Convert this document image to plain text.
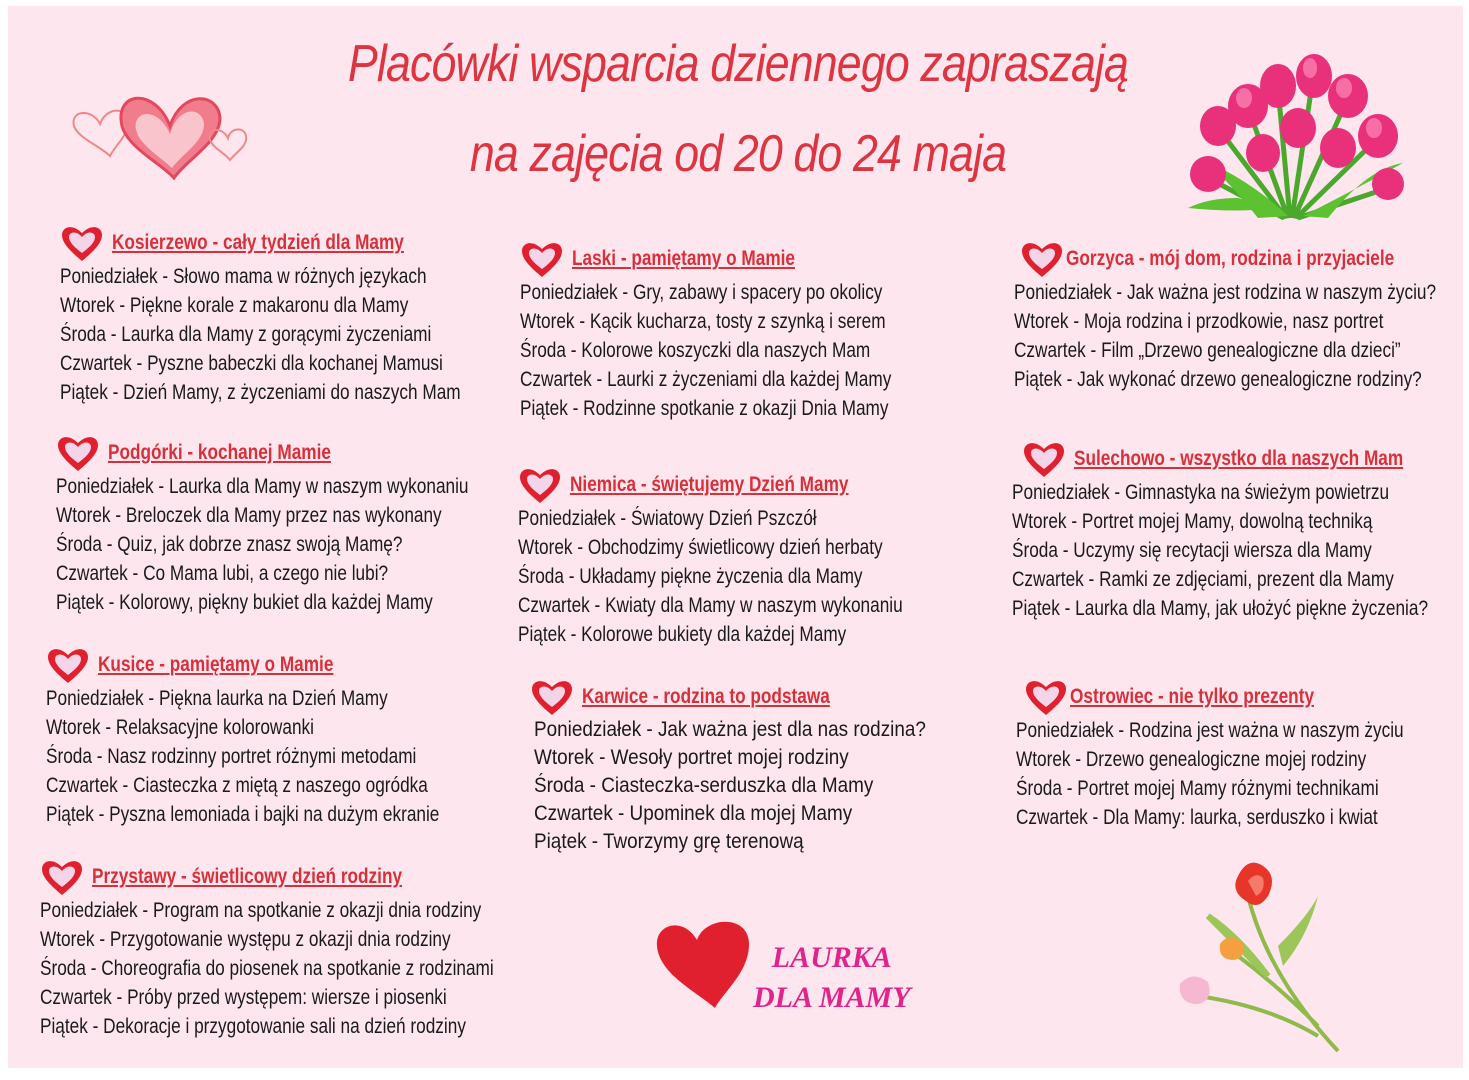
Placówki wsparcia dziennego zapraszają
na zajęcia od 20 do 24 maja
Kosierzewo - cały tydzień dla Mamy
Poniedziałek - Słowo mama w różnych językach
Wtorek - Piękne korale z makaronu dla Mamy
Środa - Laurka dla Mamy z gorącymi życzeniami
Czwartek - Pyszne babeczki dla kochanej Mamusi
Piątek - Dzień Mamy, z życzeniami do naszych Mam
Podgórki - kochanej Mamie
Poniedziałek - Laurka dla Mamy w naszym wykonaniu
Wtorek - Breloczek dla Mamy przez nas wykonany
Środa - Quiz, jak dobrze znasz swoją Mamę?
Czwartek - Co Mama lubi, a czego nie lubi?
Piątek - Kolorowy, piękny bukiet dla każdej Mamy
Kusice - pamiętamy o Mamie
Poniedziałek - Piękna laurka na Dzień Mamy
Wtorek - Relaksacyjne kolorowanki
Środa - Nasz rodzinny portret różnymi metodami
Czwartek - Ciasteczka z miętą z naszego ogródka
Piątek - Pyszna lemoniada i bajki na dużym ekranie
Przystawy - świetlicowy dzień rodziny
Poniedziałek - Program na spotkanie z okazji dnia rodziny
Wtorek - Przygotowanie występu z okazji dnia rodziny
Środa - Choreografia do piosenek na spotkanie z rodzinami
Czwartek - Próby przed występem: wiersze i piosenki
Piątek - Dekoracje i przygotowanie sali na dzień rodziny
Laski - pamiętamy o Mamie
Poniedziałek - Gry, zabawy i spacery po okolicy
Wtorek - Kącik kucharza, tosty z szynką i serem
Środa - Kolorowe koszyczki dla naszych Mam
Czwartek - Laurki z życzeniami dla każdej Mamy
Piątek - Rodzinne spotkanie z okazji Dnia Mamy
Niemica - świętujemy Dzień Mamy
Poniedziałek - Światowy Dzień Pszczół
Wtorek - Obchodzimy świetlicowy dzień herbaty
Środa - Układamy piękne życzenia dla Mamy
Czwartek - Kwiaty dla Mamy w naszym wykonaniu
Piątek - Kolorowe bukiety dla każdej Mamy
Karwice - rodzina to podstawa
Poniedziałek - Jak ważna jest dla nas rodzina?
Wtorek - Wesoły portret mojej rodziny
Środa - Ciasteczka-serduszka dla Mamy
Czwartek - Upominek dla mojej Mamy
Piątek - Tworzymy grę terenową
Gorzyca - mój dom, rodzina i przyjaciele
Poniedziałek - Jak ważna jest rodzina w naszym życiu?
Wtorek - Moja rodzina i przodkowie, nasz portret
Czwartek - Film „Drzewo genealogiczne dla dzieci”
Piątek - Jak wykonać drzewo genealogiczne rodziny?
Sulechowo - wszystko dla naszych Mam
Poniedziałek - Gimnastyka na świeżym powietrzu
Wtorek - Portret mojej Mamy, dowolną techniką
Środa - Uczymy się recytacji wiersza dla Mamy
Czwartek - Ramki ze zdjęciami, prezent dla Mamy
Piątek - Laurka dla Mamy, jak ułożyć piękne życzenia?
Ostrowiec - nie tylko prezenty
Poniedziałek - Rodzina jest ważna w naszym życiu
Wtorek - Drzewo genealogiczne mojej rodziny
Środa - Portret mojej Mamy różnymi technikami
Czwartek - Dla Mamy: laurka, serduszko i kwiat
LAURKA
DLA MAMY
